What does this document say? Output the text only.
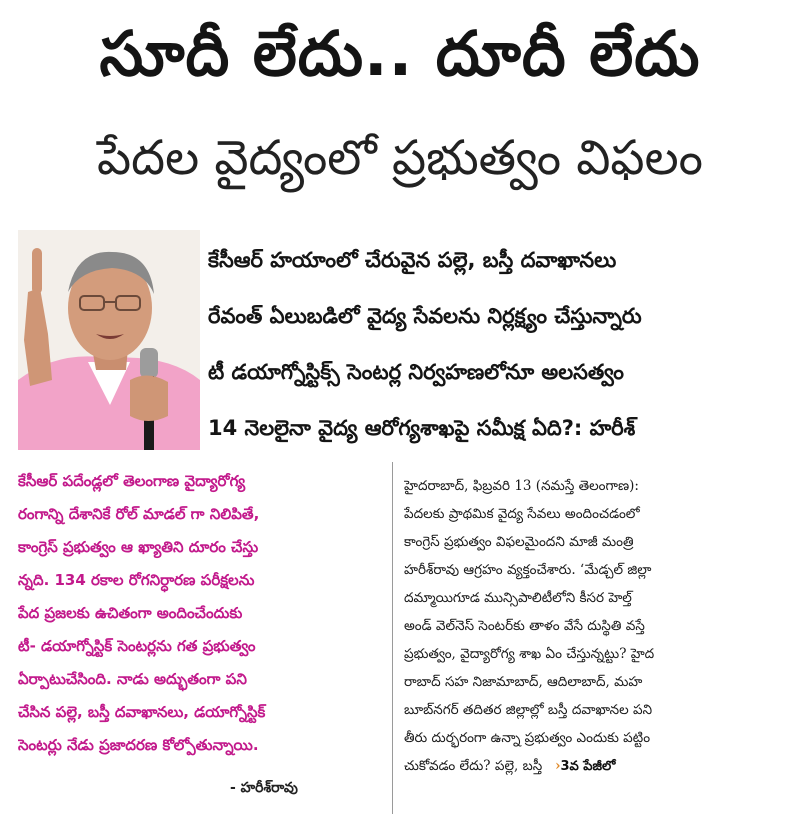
సూదీ లేదు.. దూదీ లేదు
పేదల వైద్యంలో ప్రభుత్వం విఫలం
కేసీఆర్ హయాంలో చేరువైన పల్లె, బస్తీ దవాఖానలు
రేవంత్ ఏలుబడిలో వైద్య సేవలను నిర్లక్ష్యం చేస్తున్నారు
టీ డయాగ్నోస్టిక్స్ సెంటర్ల నిర్వహణలోనూ అలసత్వం
14 నెలలైనా వైద్య ఆరోగ్యశాఖపై సమీక్ష ఏది?: హరీశ్
కేసీఆర్ పదేండ్లలో తెలంగాణ వైద్యారోగ్య
రంగాన్ని దేశానికే రోల్ మాడల్ గా నిలిపితే,
కాంగ్రెస్ ప్రభుత్వం ఆ ఖ్యాతిని దూరం చేస్తు
న్నది. 134 రకాల రోగనిర్ధారణ పరీక్షలను
పేద ప్రజలకు ఉచితంగా అందించేందుకు
టీ- డయాగ్నోస్టిక్ సెంటర్లను గత ప్రభుత్వం
ఏర్పాటుచేసింది. నాడు అద్భుతంగా పని
చేసిన పల్లె, బస్తీ దవాఖానలు, డయాగ్నోస్టిక్
సెంటర్లు నేడు ప్రజాదరణ కోల్పోతున్నాయి.
- హరీశ్‌రావు
హైదరాబాద్, ఫిబ్రవరి 13 (నమస్తే తెలంగాణ):
పేదలకు ప్రాథమిక వైద్య సేవలు అందించడంలో
కాంగ్రెస్ ప్రభుత్వం విఫలమైందని మాజీ మంత్రి
హరీశ్‌రావు ఆగ్రహం వ్యక్తంచేశారు. ‘మేడ్చల్ జిల్లా
దమ్మాయిగూడ మున్సిపాలిటీలోని కీసర హెల్త్
అండ్ వెల్‌నెస్ సెంటర్‌కు తాళం వేసే దుస్థితి వస్తే
ప్రభుత్వం, వైద్యారోగ్య శాఖ ఏం చేస్తున్నట్టు? హైద
రాబాద్ సహ నిజామాబాద్, ఆదిలాబాద్, మహ
బూబ్‌నగర్ తదితర జిల్లాల్లో బస్తీ దవాఖానల పని
తీరు దుర్భరంగా ఉన్నా ప్రభుత్వం ఎందుకు పట్టిం
చుకోవడం లేదు? పల్లె, బస్తీ ›3వ పేజీలో
